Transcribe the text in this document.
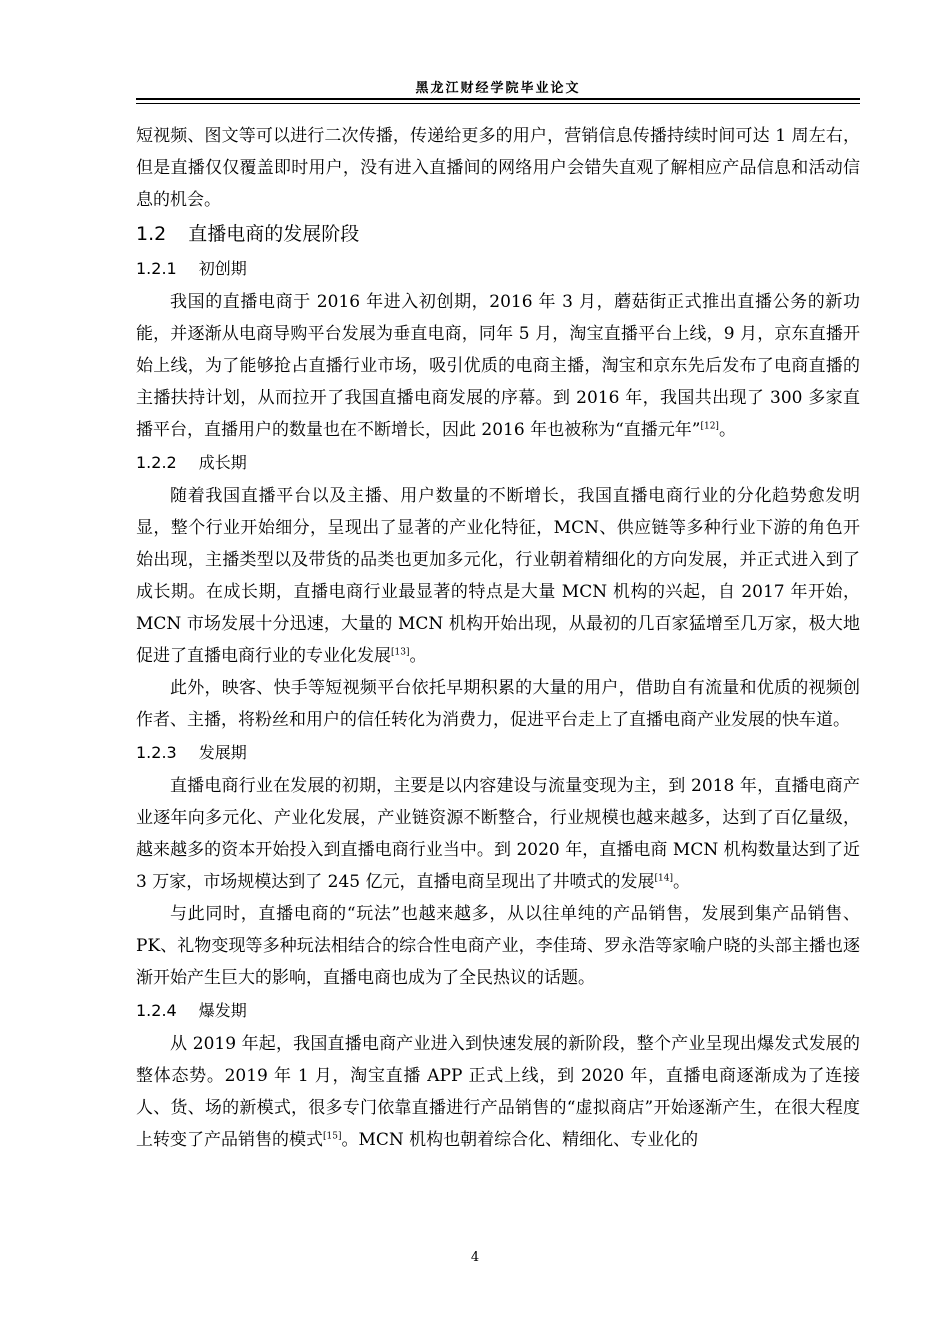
黑龙江财经学院毕业论文

短视频、图文等可以进行二次传播，传递给更多的用户，营销信息传播持续时间可达 1 周左右，但是直播仅仅覆盖即时用户，没有进入直播间的网络用户会错失直观了解相应产品信息和活动信息的机会。

1.2 直播电商的发展阶段

1.2.1 初创期

我国的直播电商于 2016 年进入初创期，2016 年 3 月，蘑菇街正式推出直播公务的新功能，并逐渐从电商导购平台发展为垂直电商，同年 5 月，淘宝直播平台上线，9 月，京东直播开始上线，为了能够抢占直播行业市场，吸引优质的电商主播，淘宝和京东先后发布了电商直播的主播扶持计划，从而拉开了我国直播电商发展的序幕。到 2016 年，我国共出现了 300 多家直播平台，直播用户的数量也在不断增长，因此 2016 年也被称为“直播元年”[12]。

1.2.2 成长期

随着我国直播平台以及主播、用户数量的不断增长，我国直播电商行业的分化趋势愈发明显，整个行业开始细分，呈现出了显著的产业化特征，MCN、供应链等多种行业下游的角色开始出现，主播类型以及带货的品类也更加多元化，行业朝着精细化的方向发展，并正式进入到了成长期。在成长期，直播电商行业最显著的特点是大量 MCN 机构的兴起，自 2017 年开始，MCN 市场发展十分迅速，大量的 MCN 机构开始出现，从最初的几百家猛增至几万家，极大地促进了直播电商行业的专业化发展[13]。

此外，映客、快手等短视频平台依托早期积累的大量的用户，借助自有流量和优质的视频创作者、主播，将粉丝和用户的信任转化为消费力，促进平台走上了直播电商产业发展的快车道。

1.2.3 发展期

直播电商行业在发展的初期，主要是以内容建设与流量变现为主，到 2018 年，直播电商产业逐年向多元化、产业化发展，产业链资源不断整合，行业规模也越来越多，达到了百亿量级，越来越多的资本开始投入到直播电商行业当中。到 2020 年，直播电商 MCN 机构数量达到了近 3 万家，市场规模达到了 245 亿元，直播电商呈现出了井喷式的发展[14]。

与此同时，直播电商的“玩法”也越来越多，从以往单纯的产品销售，发展到集产品销售、PK、礼物变现等多种玩法相结合的综合性电商产业，李佳琦、罗永浩等家喻户晓的头部主播也逐渐开始产生巨大的影响，直播电商也成为了全民热议的话题。

1.2.4 爆发期

从 2019 年起，我国直播电商产业进入到快速发展的新阶段，整个产业呈现出爆发式发展的整体态势。2019 年 1 月，淘宝直播 APP 正式上线，到 2020 年，直播电商逐渐成为了连接人、货、场的新模式，很多专门依靠直播进行产品销售的“虚拟商店”开始逐渐产生，在很大程度上转变了产品销售的模式[15]。MCN 机构也朝着综合化、精细化、专业化的

4
